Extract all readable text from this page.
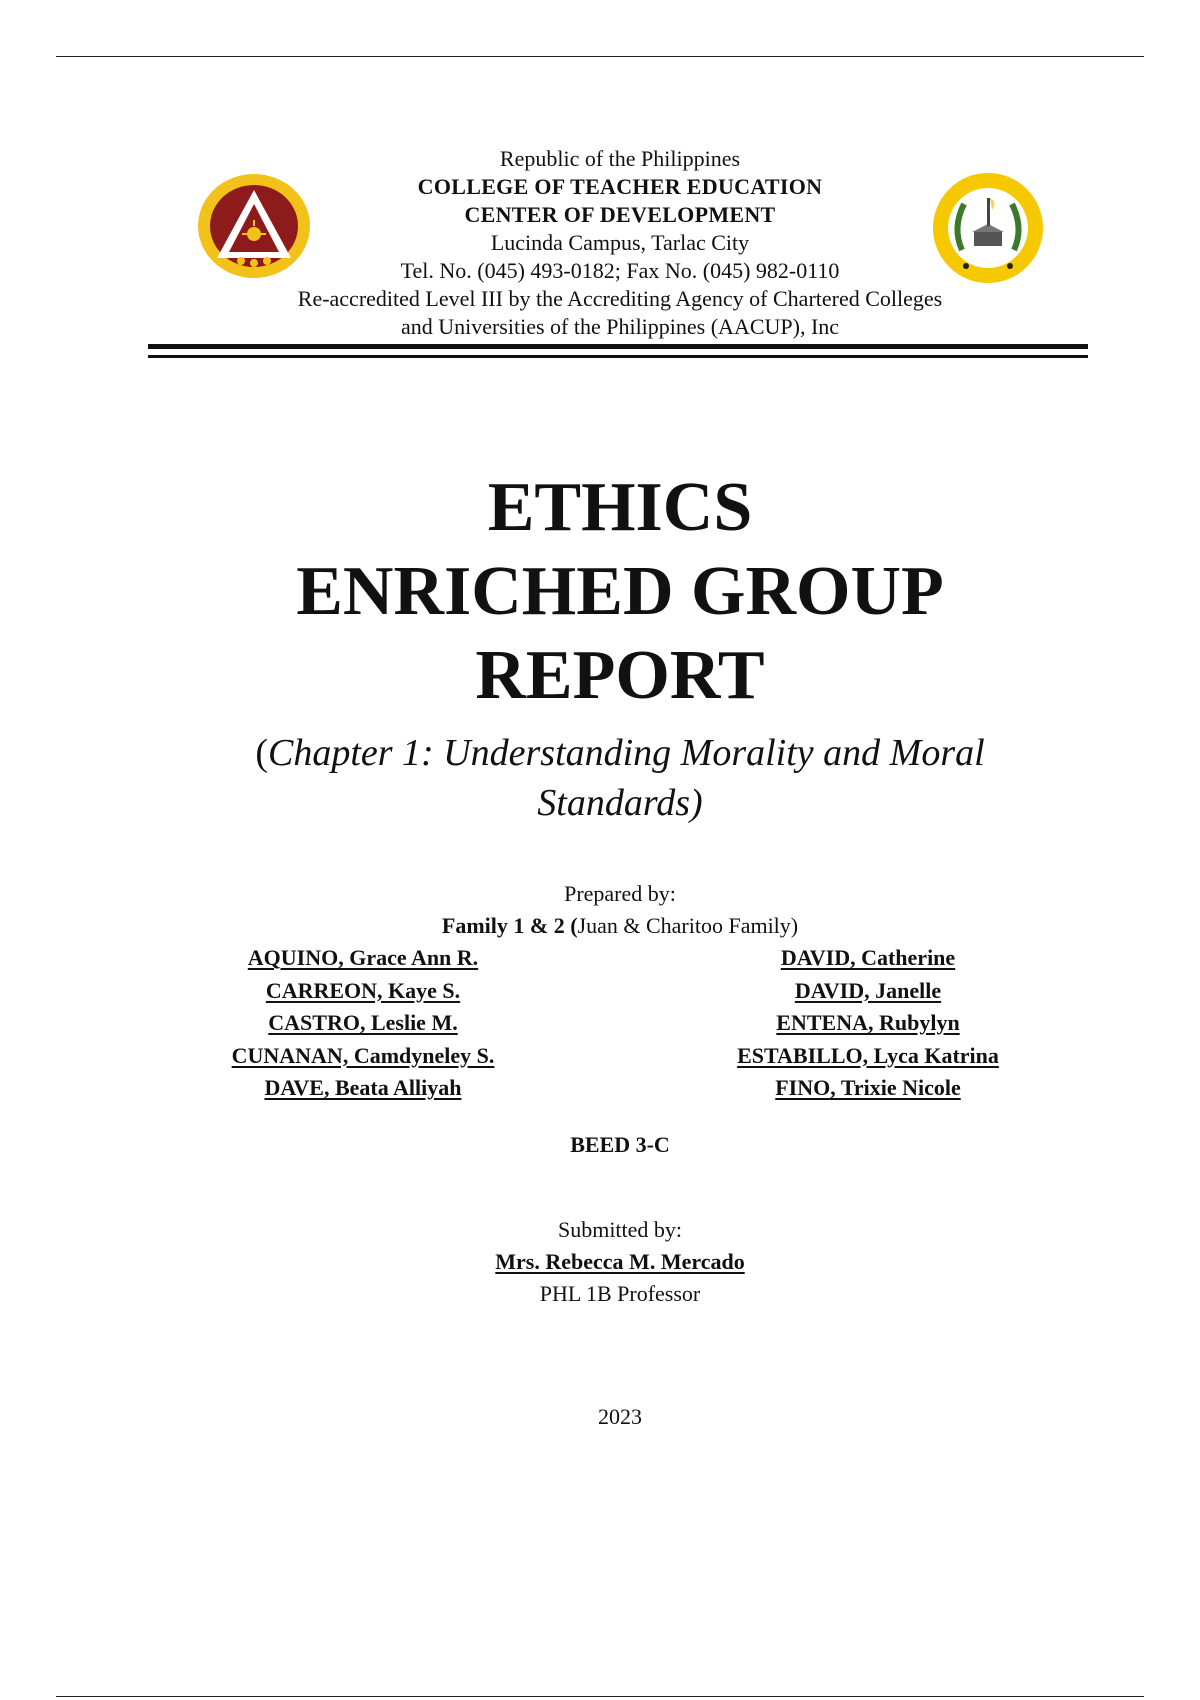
Republic of the Philippines
COLLEGE OF TEACHER EDUCATION
CENTER OF DEVELOPMENT
Lucinda Campus, Tarlac City
Tel. No. (045) 493-0182; Fax No. (045) 982-0110
Re-accredited Level III by the Accrediting Agency of Chartered Colleges
and Universities of the Philippines (AACUP), Inc
ETHICS
ENRICHED GROUP
REPORT
(Chapter 1: Understanding Morality and Moral
Standards)
Prepared by:
Family 1 & 2 (Juan & Charitoo Family)
AQUINO, Grace Ann R.
CARREON, Kaye S.
CASTRO, Leslie M.
CUNANAN, Camdyneley S.
DAVE, Beata Alliyah
DAVID, Catherine
DAVID, Janelle
ENTENA, Rubylyn
ESTABILLO, Lyca Katrina
FINO, Trixie Nicole
BEED 3-C
Submitted by:
Mrs. Rebecca M. Mercado
PHL 1B Professor
2023
